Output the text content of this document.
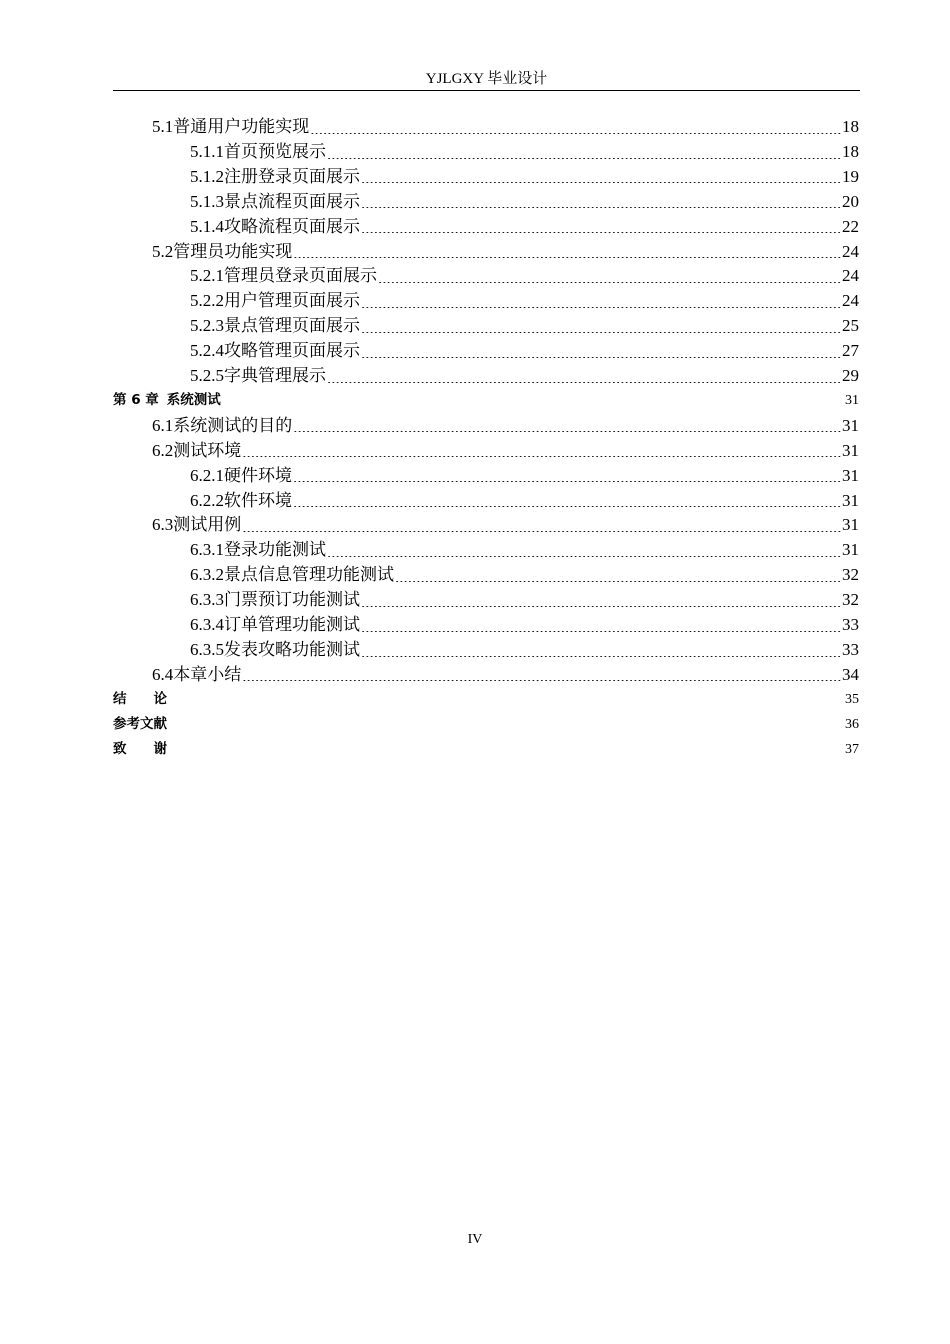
YJLGXY 毕业设计
5.1 普通用户功能实现 .....	18
5.1.1 首页预览展示 .....	18
5.1.2 注册登录页面展示 .....	19
5.1.3 景点流程页面展示 .....	20
5.1.4 攻略流程页面展示 .....	22
5.2 管理员功能实现 .....	24
5.2.1 管理员登录页面展示 .....	24
5.2.2 用户管理页面展示 .....	24
5.2.3 景点管理页面展示 .....	25
5.2.4 攻略管理页面展示 .....	27
5.2.5 字典管理展示 .....	29
第 6 章 系统测试 .....	31
6.1 系统测试的目的 .....	31
6.2 测试环境 .....	31
6.2.1 硬件环境 .....	31
6.2.2 软件环境 .....	31
6.3 测试用例 .....	31
6.3.1 登录功能测试 .....	31
6.3.2 景点信息管理功能测试 .....	32
6.3.3 门票预订功能测试 .....	32
6.3.4 订单管理功能测试 .....	33
6.3.5 发表攻略功能测试 .....	33
6.4 本章小结 .....	34
结　　论 .....	35
参考文献 .....	36
致　　谢 .....	37
IV
